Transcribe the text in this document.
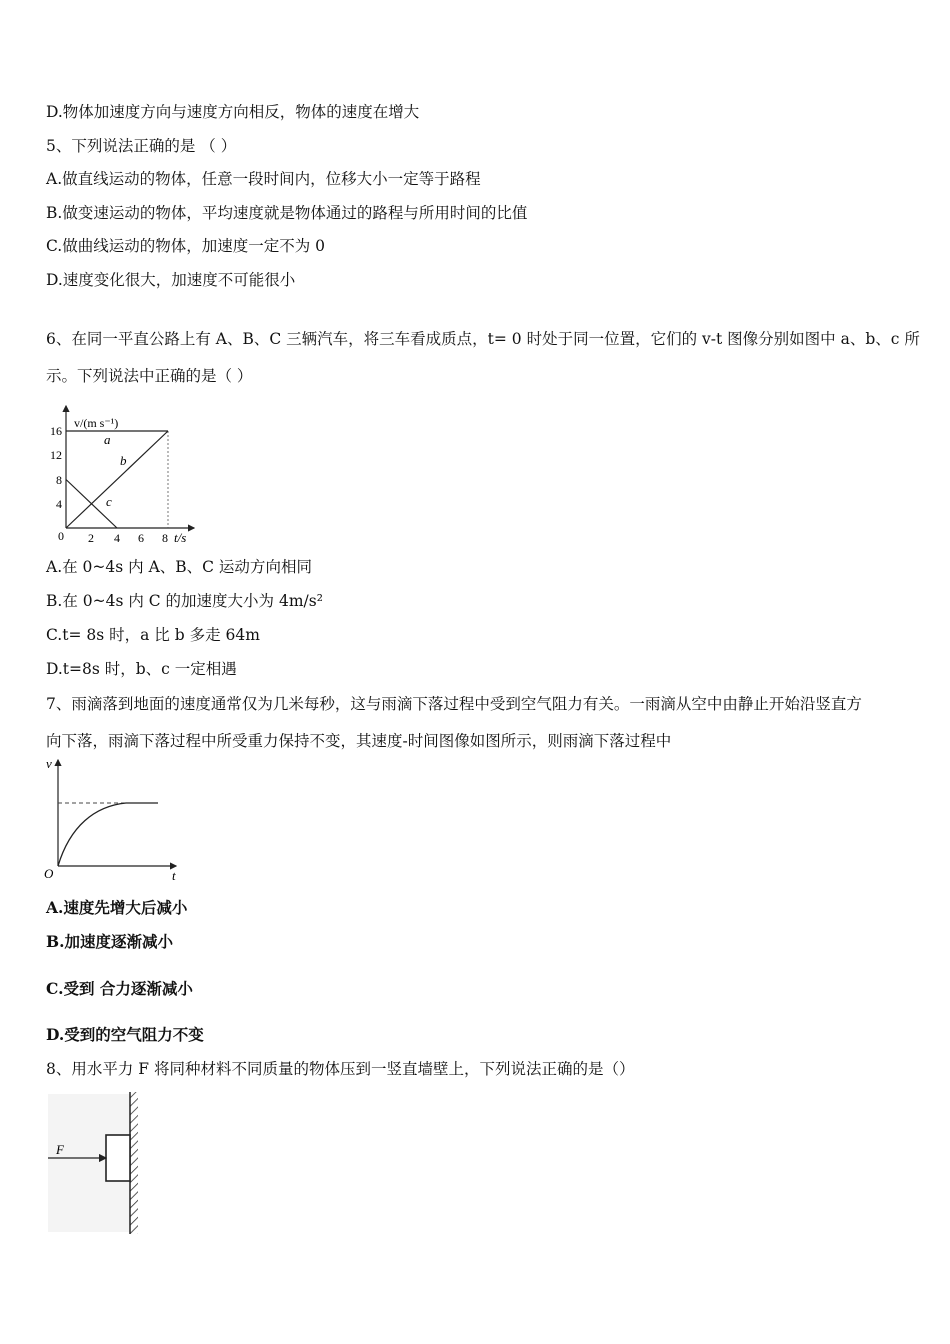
D.物体加速度方向与速度方向相反，物体的速度在增大
5、下列说法正确的是 （ ）
A.做直线运动的物体，任意一段时间内，位移大小一定等于路程
B.做变速运动的物体，平均速度就是物体通过的路程与所用时间的比值
C.做曲线运动的物体，加速度一定不为 0
D.速度变化很大，加速度不可能很小
6、在同一平直公路上有 A、B、C 三辆汽车，将三车看成质点，t= 0 时处于同一位置，它们的 v-t 图像分别如图中 a、b、c 所
示。下列说法中正确的是（ ）
v/(m s⁻¹)
t/s
0
16
12
8
4
2 4 6 8
a
b
c
A.在 0~4s 内 A、B、C 运动方向相同
B.在 0~4s 内 C 的加速度大小为 4m/s²
C.t= 8s 时，a 比 b 多走 64m
D.t=8s 时，b、c 一定相遇
7、雨滴落到地面的速度通常仅为几米每秒，这与雨滴下落过程中受到空气阻力有关。一雨滴从空中由静止开始沿竖直方
向下落，雨滴下落过程中所受重力保持不变，其速度-时间图像如图所示，则雨滴下落过程中
v
t
O
A.速度先增大后减小
B.加速度逐渐减小
C.受到 合力逐渐减小
D.受到的空气阻力不变
8、用水平力 F 将同种材料不同质量的物体压到一竖直墙壁上，下列说法正确的是（）
F
